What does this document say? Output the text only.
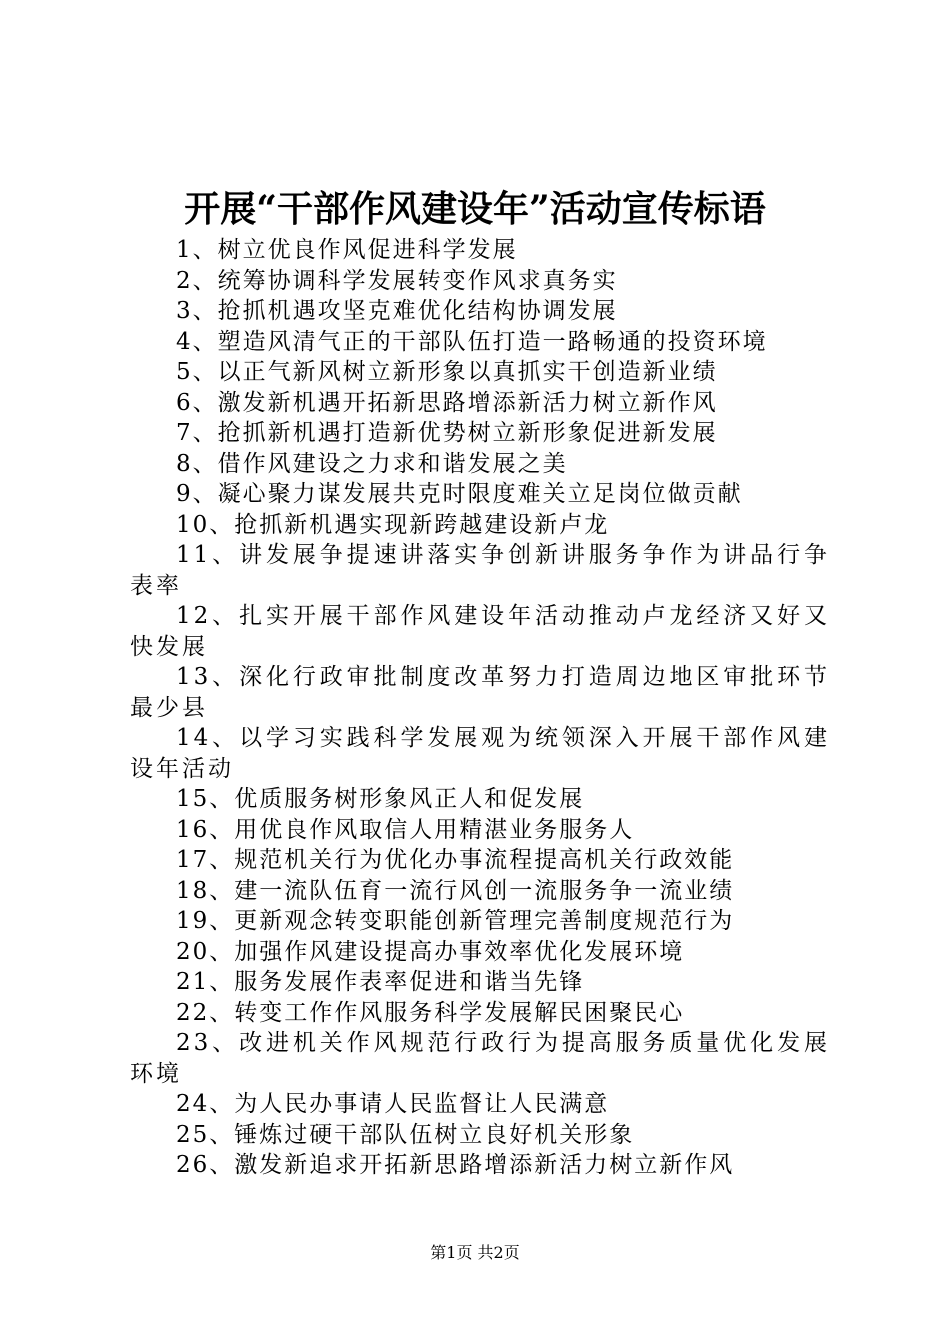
开展“干部作风建设年”活动宣传标语
1、树立优良作风促进科学发展
2、统筹协调科学发展转变作风求真务实
3、抢抓机遇攻坚克难优化结构协调发展
4、塑造风清气正的干部队伍打造一路畅通的投资环境
5、以正气新风树立新形象以真抓实干创造新业绩
6、激发新机遇开拓新思路增添新活力树立新作风
7、抢抓新机遇打造新优势树立新形象促进新发展
8、借作风建设之力求和谐发展之美
9、凝心聚力谋发展共克时限度难关立足岗位做贡献
10、抢抓新机遇实现新跨越建设新卢龙
11、讲发展争提速讲落实争创新讲服务争作为讲品行争表率
12、扎实开展干部作风建设年活动推动卢龙经济又好又快发展
13、深化行政审批制度改革努力打造周边地区审批环节最少县
14、以学习实践科学发展观为统领深入开展干部作风建设年活动
15、优质服务树形象风正人和促发展
16、用优良作风取信人用精湛业务服务人
17、规范机关行为优化办事流程提高机关行政效能
18、建一流队伍育一流行风创一流服务争一流业绩
19、更新观念转变职能创新管理完善制度规范行为
20、加强作风建设提高办事效率优化发展环境
21、服务发展作表率促进和谐当先锋
22、转变工作作风服务科学发展解民困聚民心
23、改进机关作风规范行政行为提高服务质量优化发展环境
24、为人民办事请人民监督让人民满意
25、锤炼过硬干部队伍树立良好机关形象
26、激发新追求开拓新思路增添新活力树立新作风
第1页 共2页
